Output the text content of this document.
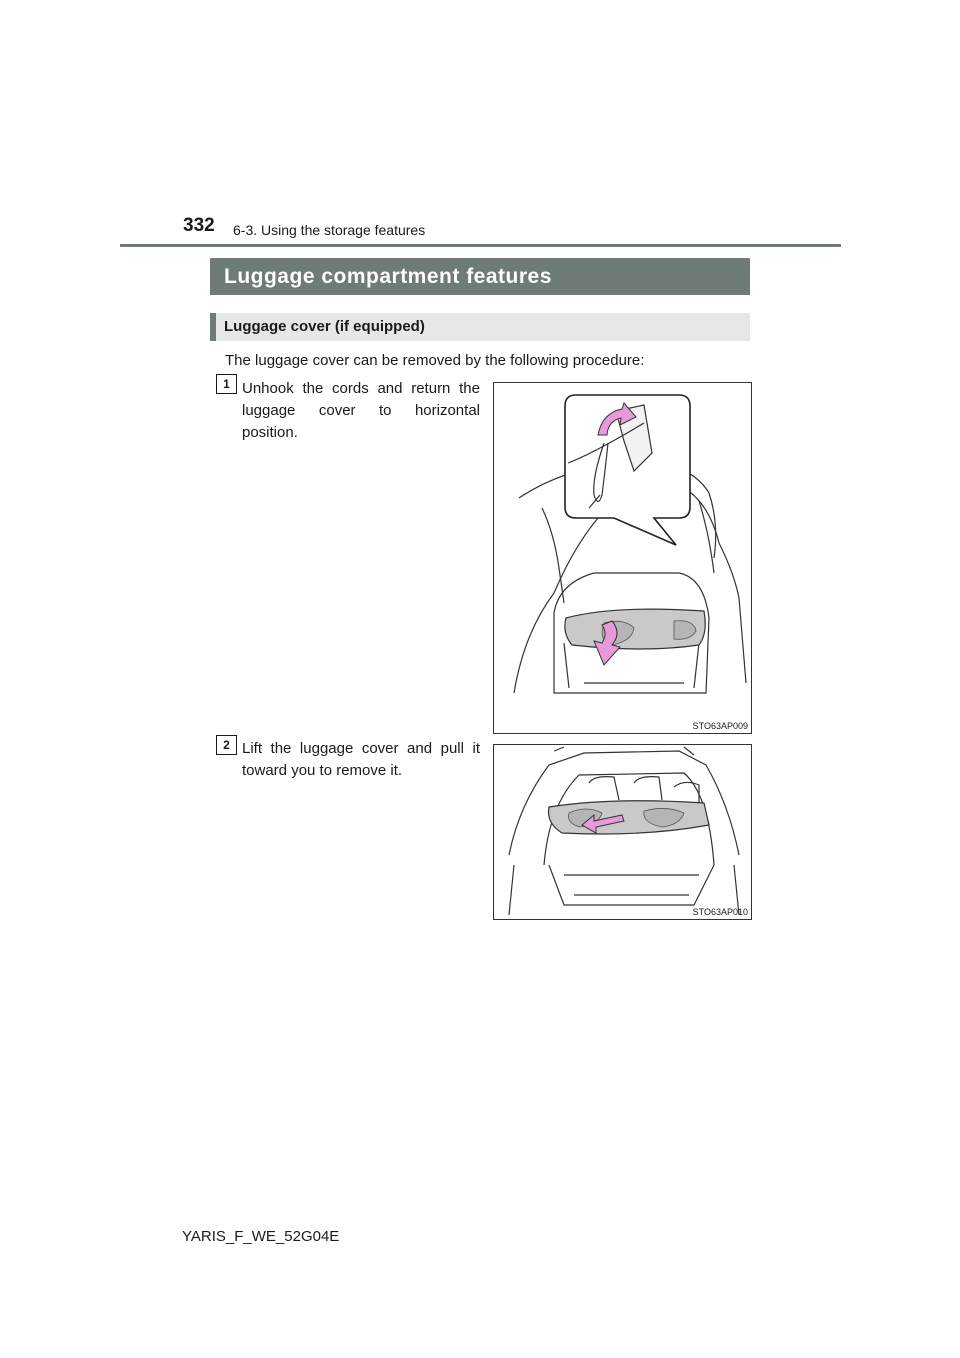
332 6-3. Using the storage features
Luggage compartment features
Luggage cover (if equipped)
The luggage cover can be removed by the following procedure:
1 Unhook the cords and return the luggage cover to horizontal position.
STO63AP009
2 Lift the luggage cover and pull it toward you to remove it.
STO63AP010
YARIS_F_WE_52G04E
